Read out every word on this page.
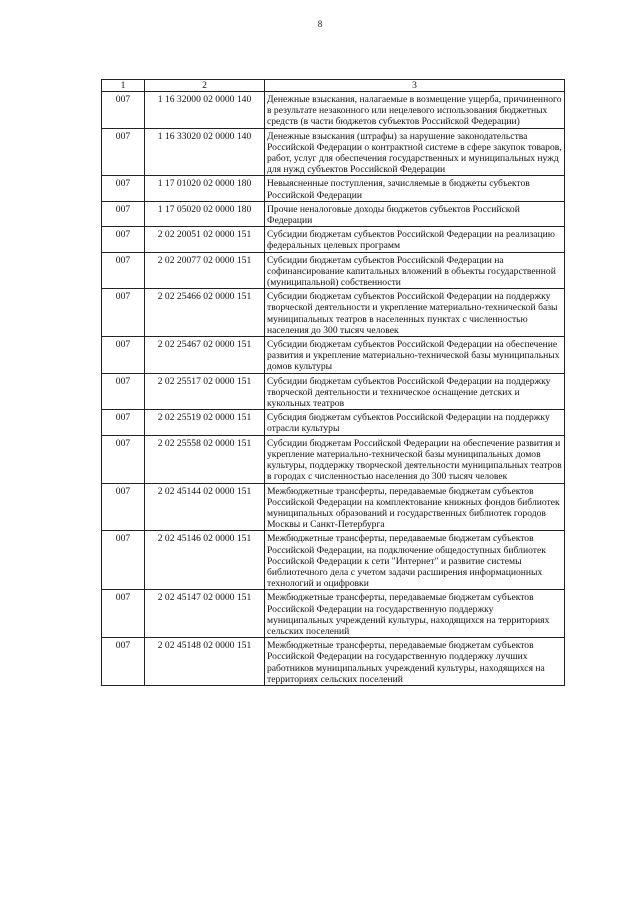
8
1	2	3
007	1 16 32000 02 0000 140	Денежные взыскания, налагаемые в возмещение ущерба, причиненного в результате незаконного или нецелевого использования бюджетных средств (в части бюджетов субъектов Российской Федерации)
007	1 16 33020 02 0000 140	Денежные взыскания (штрафы) за нарушение законодательства Российской Федерации о контрактной системе в сфере закупок товаров, работ, услуг для обеспечения государственных и муниципальных нужд для нужд субъектов Российской Федерации
007	1 17 01020 02 0000 180	Невыясненные поступления, зачисляемые в бюджеты субъектов Российской Федерации
007	1 17 05020 02 0000 180	Прочие неналоговые доходы бюджетов субъектов Российской Федерации
007	2 02 20051 02 0000 151	Субсидии бюджетам субъектов Российской Федерации на реализацию федеральных целевых программ
007	2 02 20077 02 0000 151	Субсидии бюджетам субъектов Российской Федерации на софинансирование капитальных вложений в объекты государственной (муниципальной) собственности
007	2 02 25466 02 0000 151	Субсидии бюджетам субъектов Российской Федерации на поддержку творческой деятельности и укрепление материально-технической базы муниципальных театров в населенных пунктах с численностью населения до 300 тысяч человек
007	2 02 25467 02 0000 151	Субсидии бюджетам субъектов Российской Федерации на обеспечение развития и укрепление материально-технической базы муниципальных домов культуры
007	2 02 25517 02 0000 151	Субсидии бюджетам субъектов Российской Федерации на поддержку творческой деятельности и техническое оснащение детских и кукольных театров
007	2 02 25519 02 0000 151	Субсидия бюджетам субъектов Российской Федерации на поддержку отрасли культуры
007	2 02 25558 02 0000 151	Субсидии бюджетам Российской Федерации на обеспечение развития и укрепление материально-технической базы муниципальных домов культуры, поддержку творческой деятельности муниципальных театров в городах с численностью населения до 300 тысяч человек
007	2 02 45144 02 0000 151	Межбюджетные трансферты, передаваемые бюджетам субъектов Российской Федерации на комплектование книжных фондов библиотек муниципальных образований и государственных библиотек городов Москвы и Санкт-Петербурга
007	2 02 45146 02 0000 151	Межбюджетные трансферты, передаваемые бюджетам субъектов Российской Федерации, на подключение общедоступных библиотек Российской Федерации к сети "Интернет" и развитие системы библиотечного дела с учетом задачи расширения информационных технологий и оцифровки
007	2 02 45147 02 0000 151	Межбюджетные трансферты, передаваемые бюджетам субъектов Российской Федерации на государственную поддержку муниципальных учреждений культуры, находящихся на территориях сельских поселений
007	2 02 45148 02 0000 151	Межбюджетные трансферты, передаваемые бюджетам субъектов Российской Федерации на государственную поддержку лучших работников муниципальных учреждений культуры, находящихся на территориях сельских поселений
